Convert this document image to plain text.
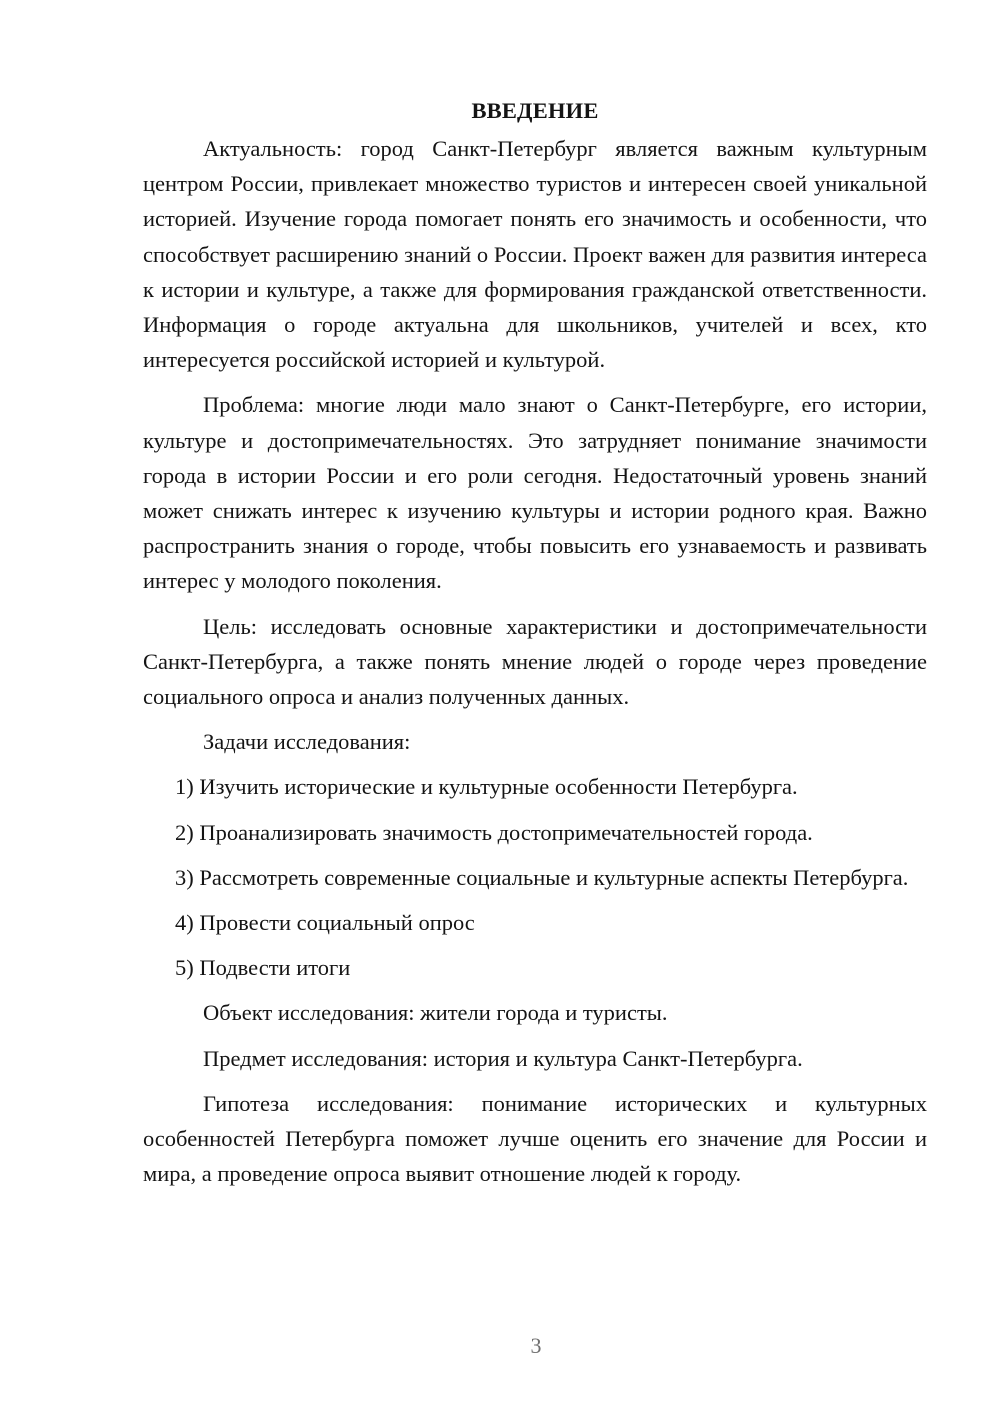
ВВЕДЕНИЕ

Актуальность: город Санкт-Петербург является важным культурным центром России, привлекает множество туристов и интересен своей уникальной историей. Изучение города помогает понять его значимость и особенности, что способствует расширению знаний о России. Проект важен для развития интереса к истории и культуре, а также для формирования гражданской ответственности. Информация о городе актуальна для школьников, учителей и всех, кто интересуется российской историей и культурой.

Проблема: многие люди мало знают о Санкт-Петербурге, его истории, культуре и достопримечательностях. Это затрудняет понимание значимости города в истории России и его роли сегодня. Недостаточный уровень знаний может снижать интерес к изучению культуры и истории родного края. Важно распространить знания о городе, чтобы повысить его узнаваемость и развивать интерес у молодого поколения.

Цель: исследовать основные характеристики и достопримечательности Санкт-Петербурга, а также понять мнение людей о городе через проведение социального опроса и анализ полученных данных.

Задачи исследования:

1) Изучить исторические и культурные особенности Петербурга.

2) Проанализировать значимость достопримечательностей города.

3) Рассмотреть современные социальные и культурные аспекты Петербурга.

4) Провести социальный опрос

5) Подвести итоги

Объект исследования: жители города и туристы.

Предмет исследования: история и культура Санкт-Петербурга.

Гипотеза исследования: понимание исторических и культурных особенностей Петербурга поможет лучше оценить его значение для России и мира, а проведение опроса выявит отношение людей к городу.

3
